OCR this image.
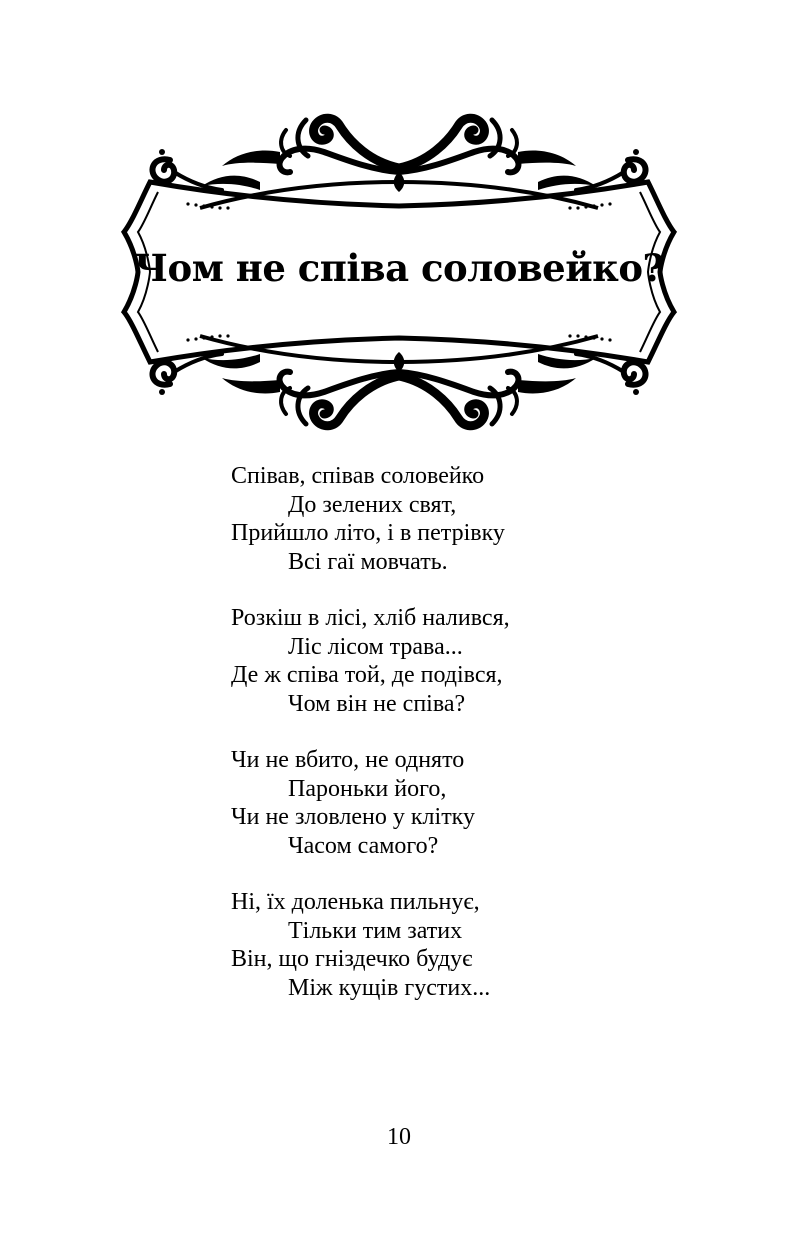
Чом не співа соловейко?
Співав, співав соловейко
До зелених свят,
Прийшло літо, і в петрівку
Всі гаї мовчать.
Розкіш в лісі, хліб налився,
Ліс лісом трава...
Де ж співа той, де подівся,
Чом він не співа?
Чи не вбито, не однято
Пароньки його,
Чи не зловлено у клітку
Часом самого?
Ні, їх доленька пильнує,
Тільки тим затих
Він, що гніздечко будує
Між кущів густих...
10
